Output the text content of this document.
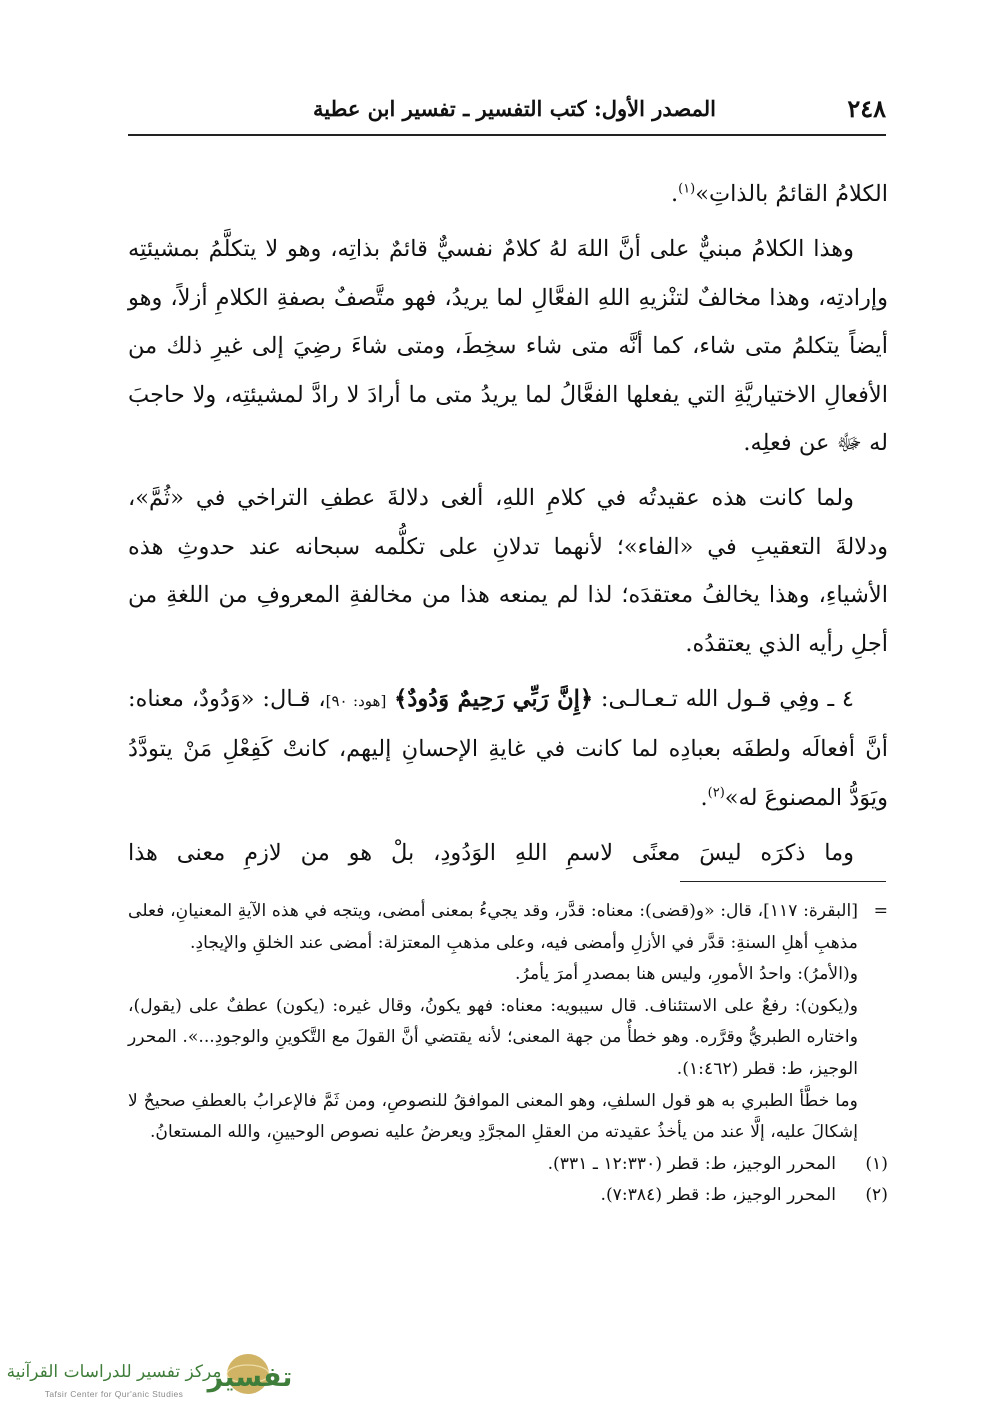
٢٤٨
المصدر الأول: كتب التفسير ـ تفسير ابن عطية

الكلامُ القائمُ بالذاتِ»$^{(١)}$.

وهذا الكلامُ مبنيٌّ على أنَّ اللهَ لهُ كلامٌ نفسيٌّ قائمٌ بذاتِه، وهو لا يتكلَّمُ بمشيئتِه وإرادتِه، وهذا مخالفٌ لتنْزيهِ اللهِ الفعَّالِ لما يريدُ، فهو متَّصفٌ بصفةِ الكلامِ أزلاً، وهو أيضاً يتكلمُ متى شاء، كما أنَّه متى شاء سخِطَ، ومتى شاءَ رضِيَ إلى غيرِ ذلك من الأفعالِ الاختياريَّةِ التي يفعلها الفعَّالُ لما يريدُ متى ما أرادَ لا رادَّ لمشيئتِه، ولا حاجبَ له ﷻ عن فعلِه.

ولما كانت هذه عقيدتُه في كلامِ اللهِ، ألغى دلالةَ عطفِ التراخي في «ثُمَّ»، ودلالةَ التعقيبِ في «الفاء»؛ لأنهما تدلانِ على تكلُّمه سبحانه عند حدوثِ هذه الأشياءِ، وهذا يخالفُ معتقدَه؛ لذا لم يمنعه هذا من مخالفةِ المعروفِ من اللغةِ من أجلِ رأيه الذي يعتقدُه.

٤ ـ وفِي قـول الله تـعـالـى: ﴿إِنَّ رَبِّي رَحِيمٌ وَدُودٌ﴾ [هود: ٩٠]، قـال: «وَدُودٌ، معناه: أنَّ أفعالَه ولطفَه بعبادِه لما كانت في غايةِ الإحسانِ إليهم، كانتْ كَفِعْلِ مَنْ يتودَّدُ ويَوَدُّ المصنوعَ له»$^{(٢)}$.

وما ذكرَه ليسَ معنًى لاسمِ اللهِ الوَدُودِ، بلْ هو من لازمِ معنى هذا

=

[البقرة: ١١٧]، قال: «و(قضى): معناه: قدَّر، وقد يجيءُ بمعنى أمضى، ويتجه في هذه الآيةِ المعنيانِ، فعلى مذهبِ أهلِ السنةِ: قدَّر في الأزلِ وأمضى فيه، وعلى مذهبِ المعتزلة: أمضى عند الخلقِ والإيجادِ.

و(الأمرُ): واحدُ الأمورِ، وليس هنا بمصدرِ أمرَ يأمرُ.

و(يكون): رفعٌ على الاستئناف. قال سيبويه: معناه: فهو يكونُ، وقال غيره: (يكون) عطفٌ على (يقول)، واختاره الطبريُّ وقرَّره. وهو خطأٌ من جهة المعنى؛ لأنه يقتضي أنَّ القولَ مع التَّكوينِ والوجودِ...». المحرر الوجيز، ط: قطر (١:٤٦٢).

وما خطَّأ الطبري به هو قول السلفِ، وهو المعنى الموافقُ للنصوصِ، ومن ثَمَّ فالإعرابُ بالعطفِ صحيحٌ لا إشكالَ عليه، إلَّا عند من يأخذُ عقيدته من العقلِ المجرَّدِ ويعرضُ عليه نصوص الوحيينِ، والله المستعانُ.

(١)
المحرر الوجيز، ط: قطر (١٢:٣٣٠ ـ ٣٣١).
(٢)
المحرر الوجيز، ط: قطر (٧:٣٨٤).
تفسير
مركز تفسير للدراسات القرآنية
Tafsir Center for Qur'anic Studies
